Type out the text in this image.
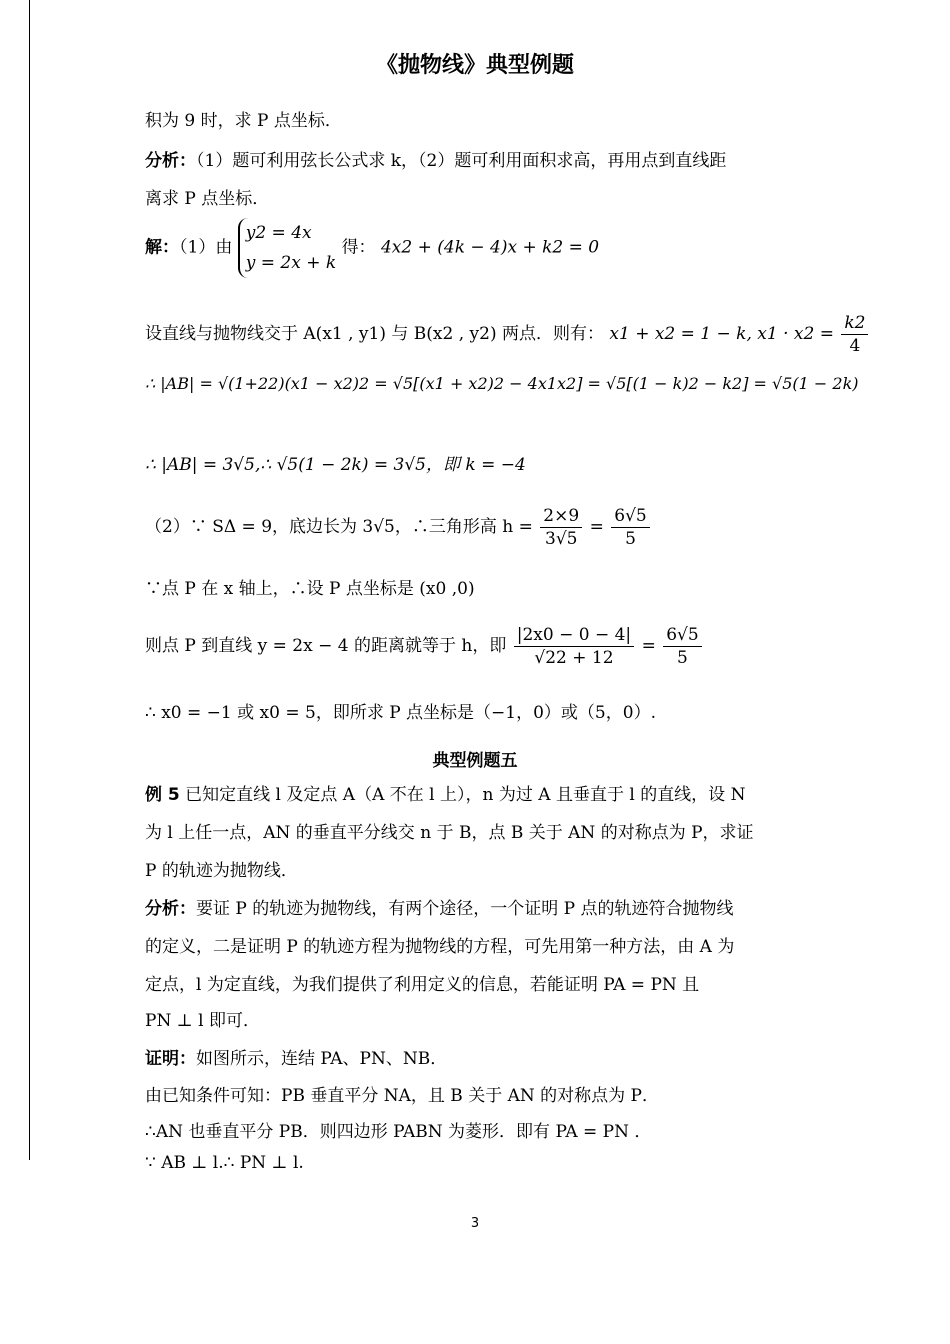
《抛物线》典型例题
积为 9 时，求 P 点坐标．
分析：（1）题可利用弦长公式求 k，（2）题可利用面积求高，再用点到直线距
离求 P 点坐标．
解：（1）由
y2 = 4x
y = 2x + k
得： 4x2 + (4k − 4)x + k2 = 0
设直线与抛物线交于 A(x1 , y1) 与 B(x2 , y2) 两点．则有： x1 + x2 = 1 − k, $x1 \cdot x2 = \frac{k2}{4}$
∴ |AB| = √(1+22)(x1 − x2)2 = √5[(x1 + x2)2 − 4x1x2] = √5[(1 − k)2 − k2] = √5(1 − 2k)
∴ |AB| = 3√5,∴ √5(1 − 2k) = 3√5，即 k = −4
（2）∵ SΔ = 9，底边长为 3√5，∴三角形高 $h = \frac{2\times 9}{3√5} = \frac{6√5}{5}$
∵点 P 在 x 轴上，∴设 P 点坐标是 (x0 ,0)
则点 P 到直线 y = 2x − 4 的距离就等于 h，即 $\frac{|2x0 - 0 - 4|}{√22 + 12} = \frac{6√5}{5}$
∴ x0 = −1 或 x0 = 5，即所求 P 点坐标是（−1，0）或（5，0）.
典型例题五
例 5 已知定直线 l 及定点 A（A 不在 l 上），n 为过 A 且垂直于 l 的直线，设 N
为 l 上任一点，AN 的垂直平分线交 n 于 B，点 B 关于 AN 的对称点为 P，求证
P 的轨迹为抛物线．
分析：要证 P 的轨迹为抛物线，有两个途径，一个证明 P 点的轨迹符合抛物线
的定义，二是证明 P 的轨迹方程为抛物线的方程，可先用第一种方法，由 A 为
定点，l 为定直线，为我们提供了利用定义的信息，若能证明 PA = PN 且
PN ⊥ l 即可．
证明：如图所示，连结 PA、PN、NB．
由已知条件可知：PB 垂直平分 NA，且 B 关于 AN 的对称点为 P．
∴AN 也垂直平分 PB．则四边形 PABN 为菱形．即有 PA = PN ．
∵ AB ⊥ l.∴ PN ⊥ l.
3
